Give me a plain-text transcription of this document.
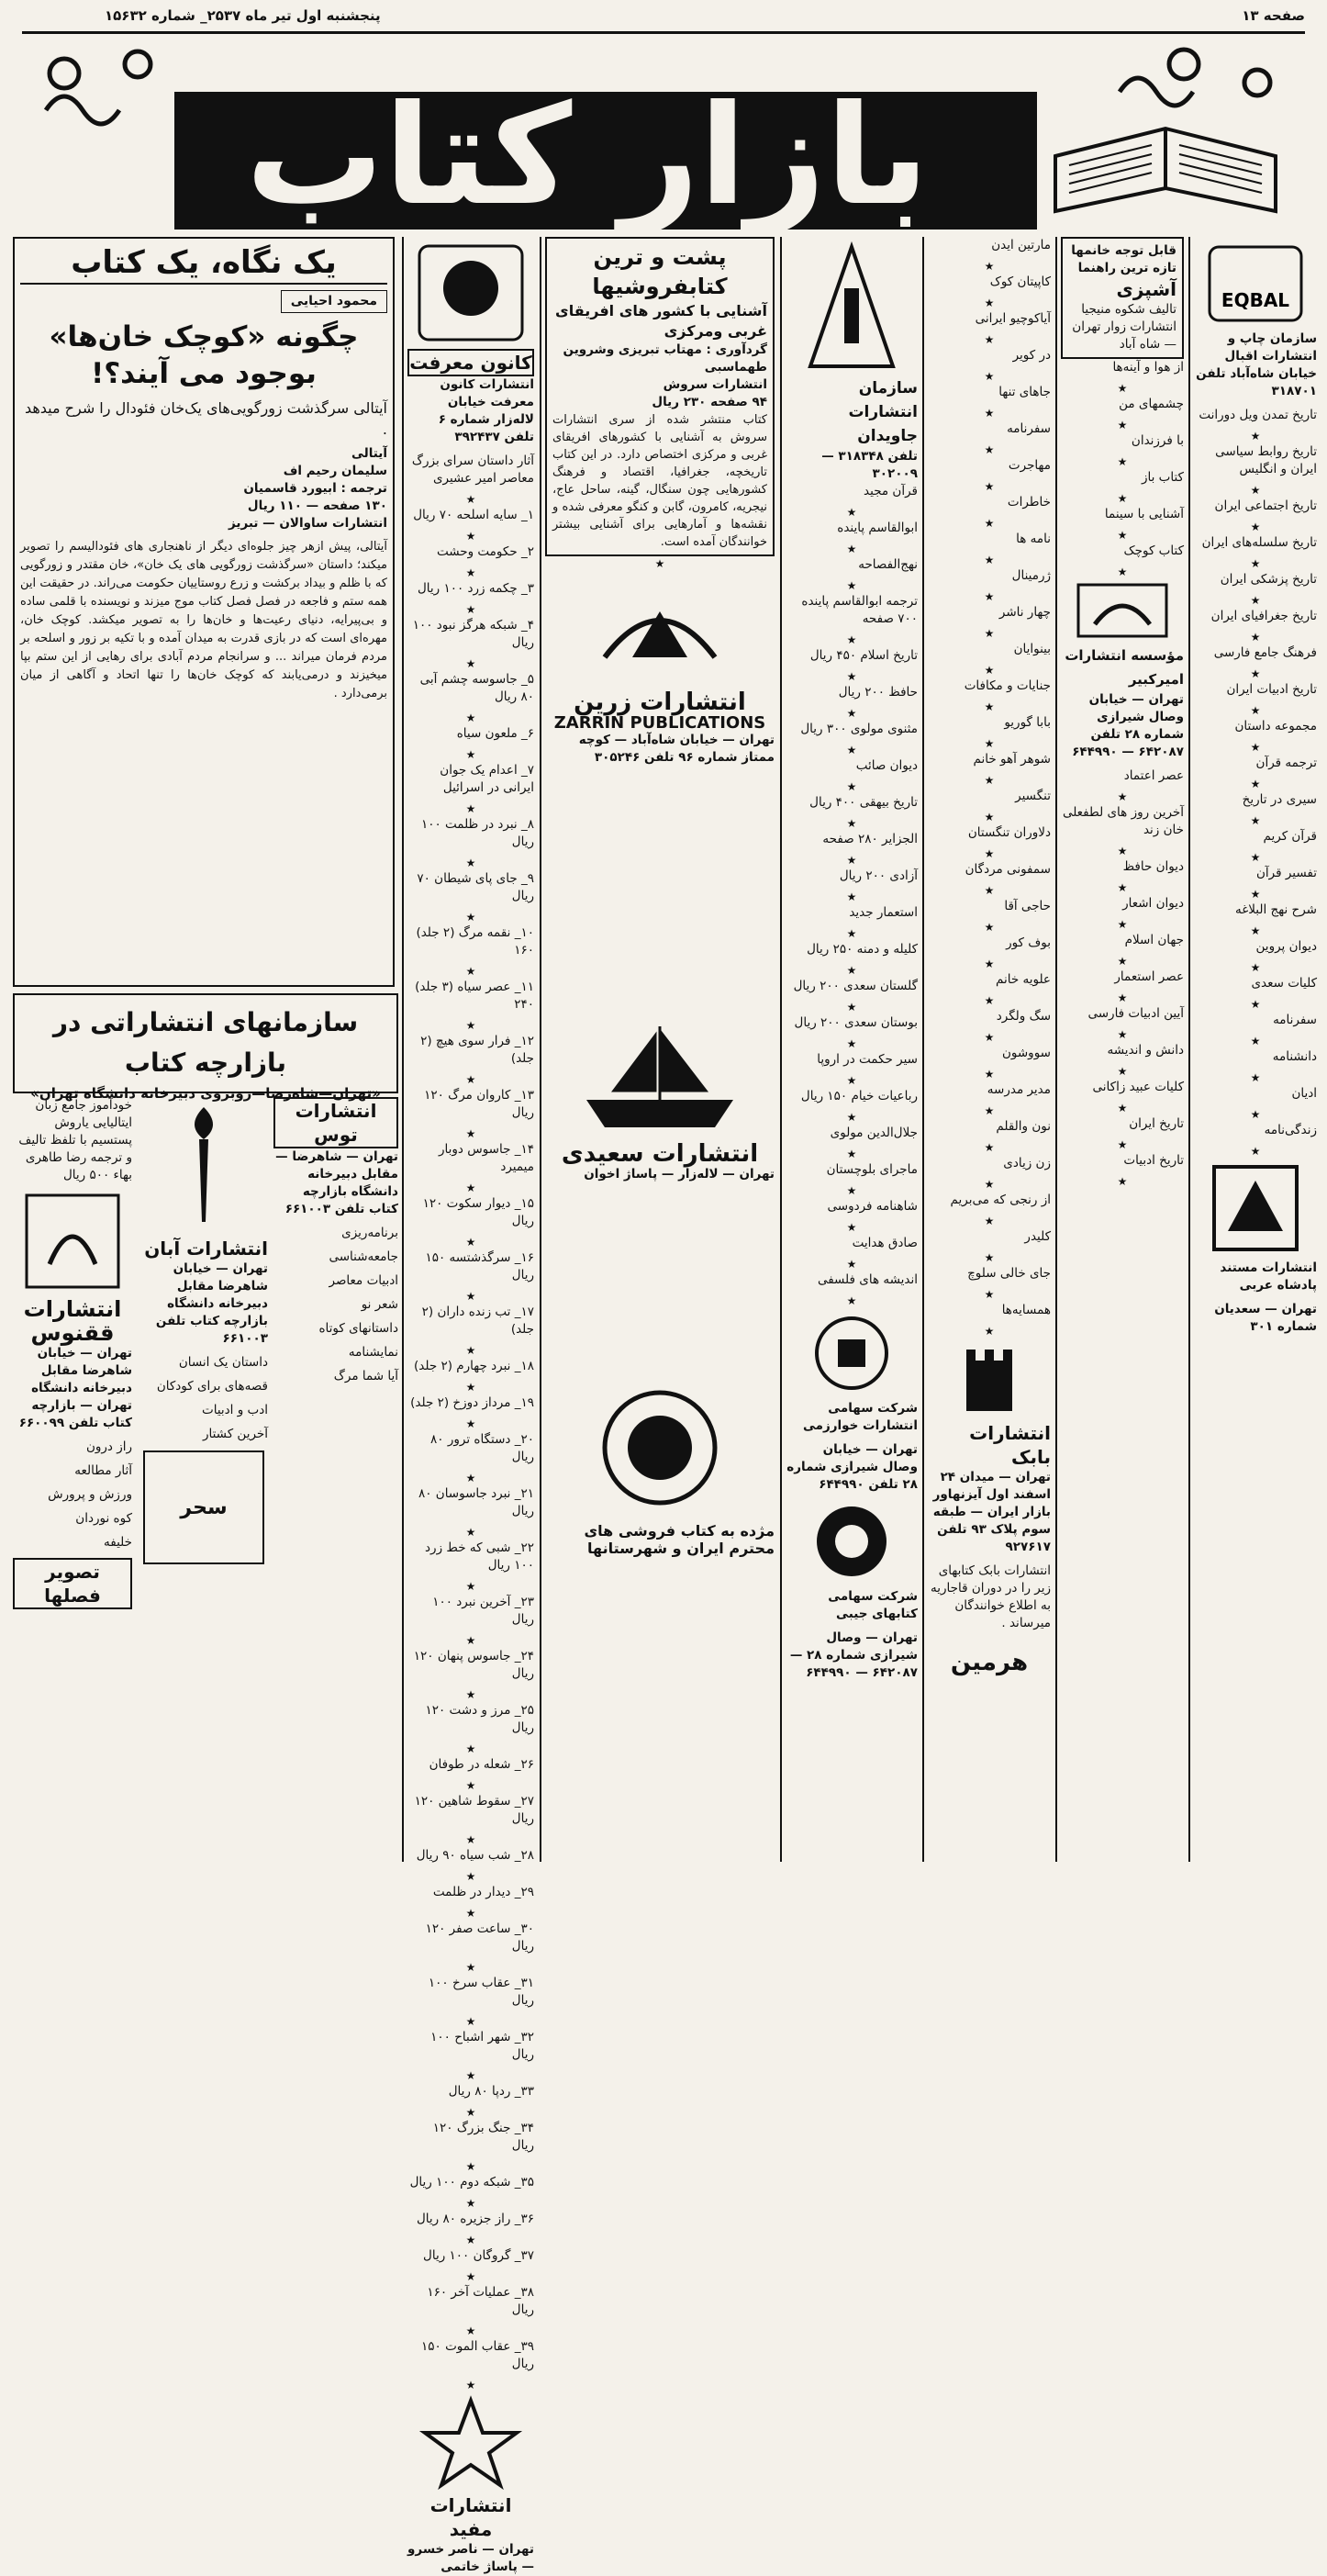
صفحه ۱۳
پنجشنبه اول تیر ماه ۲۵۳۷_ شماره ۱۵۶۳۲
بازار کتاب
یک نگاه، یک کتاب
محمود احیایی
چگونه «کوچک خان‌ها» بوجود می آیند؟!
آیتالی سرگذشت زورگویی‌های یک‌خان فئودال را شرح میدهد .
آیتالی
سلیمان رحیم اف
ترجمه : ابیورد قاسمیان
۱۳۰ صفحه — ۱۱۰ ریال
انتشارات ساوالان — تبریز
آیتالی، پیش ازهر چیز جلوه‌ای دیگر از ناهنجاری های فئودالیسم را تصویر میکند؛ داستان «سرگذشت زورگویی های یک خان»، خان مقتدر و زورگویی که با ظلم و بیداد برکشت و زرع روستاییان حکومت می‌راند. در حقیقت این همه ستم و فاجعه در فصل فصل کتاب موج میزند و نویسنده با قلمی ساده و بی‌پیرایه، دنیای رعیت‌ها و خان‌ها را به تصویر میکشد. کوچک خان، مهره‌ای است که در بازی قدرت به میدان آمده و با تکیه بر زور و اسلحه بر مردم فرمان میراند ... و سرانجام مردم آبادی برای رهایی از این ستم بپا میخیزند و درمی‌یابند که کوچک خان‌ها را تنها اتحاد و آگاهی از میان برمی‌دارد .
سازمانهای انتشاراتی در بازارچه کتاب
«تهران—شاه‌رضا—روبروی دبیرخانه دانشگاه تهران»
خودآموز جامع زبان ایتالیایی یاروش پستسیم با تلفظ تالیف و ترجمه رضا طاهری بهاء ۵۰۰ ریال
انتشارات ققنوس
تهران — خیابان شاهرضا مقابل دبیرخانه دانشگاه تهران — بازارچه کتاب تلفن ۶۶۰۰۹۹
راز درون
آثار مطالعه
ورزش و پرورش
کوه نوردان
خلیفه
تصویر فصلها
انتشارات آبان
تهران — خیابان شاهرضا مقابل دبیرخانه دانشگاه بازارچه کتاب تلفن ۶۶۱۰۰۳
داستان یک انسان
قصه‌های برای کودکان
ادب و ادبیات
آخرین کشتار
سحر
انتشارات توس
تهران — شاهرضا — مقابل دبیرخانه دانشگاه بازارچه کتاب تلفن ۶۶۱۰۰۳
برنامه‌ریزی
جامعه‌شناسی
ادبیات معاصر
شعر نو
داستانهای کوتاه
نمایشنامه
آیا شما مرگ
کانون معرفت
انتشارات کانون معرفت خیابان لاله‌زار شماره ۶ تلفن ۳۹۲۴۳۷
آثار داستان سرای بزرگ معاصر امیر عشیری
★
۱_ سایه اسلحه ۷۰ ریال
★
۲_ حکومت وحشت
★
۳_ چکمه زرد ۱۰۰ ریال
★
۴_ شبکه هرگز نبود ۱۰۰ ریال
★
۵_ جاسوسه چشم آبی ۸۰ ریال
★
۶_ ملعون سیاه
★
۷_ اعدام یک جوان ایرانی در اسرائیل
★
۸_ نبرد در ظلمت ۱۰۰ ریال
★
۹_ جای پای شیطان ۷۰ ریال
★
۱۰_ نقمه مرگ (۲ جلد) ۱۶۰
★
۱۱_ عصر سیاه (۳ جلد) ۲۴۰
★
۱۲_ فرار سوی هیچ (۲ جلد)
★
۱۳_ کاروان مرگ ۱۲۰ ریال
★
۱۴_ جاسوس دوبار میمیرد
★
۱۵_ دیوار سکوت ۱۲۰ ریال
★
۱۶_ سرگذشتسه ۱۵۰ ریال
★
۱۷_ تب زنده داران (۲ جلد)
★
۱۸_ نبرد چهارم (۲ جلد)
★
۱۹_ مرداز دوزخ (۲ جلد)
★
۲۰_ دستگاه ترور ۸۰ ریال
★
۲۱_ نبرد جاسوسان ۸۰ ریال
★
۲۲_ شبی که خط زرد ۱۰۰ ریال
★
۲۳_ آخرین نبرد ۱۰۰ ریال
★
۲۴_ جاسوس پنهان ۱۲۰ ریال
★
۲۵_ مرز و دشت ۱۲۰ ریال
★
۲۶_ شعله در طوفان
★
۲۷_ سقوط شاهین ۱۲۰ ریال
★
۲۸_ شب سیاه ۹۰ ریال
★
۲۹_ دیدار در ظلمت
★
۳۰_ ساعت صفر ۱۲۰ ریال
★
۳۱_ عقاب سرخ ۱۰۰ ریال
★
۳۲_ شهر اشباح ۱۰۰ ریال
★
۳۳_ ردپا ۸۰ ریال
★
۳۴_ جنگ بزرگ ۱۲۰ ریال
★
۳۵_ شبکه دوم ۱۰۰ ریال
★
۳۶_ راز جزیره ۸۰ ریال
★
۳۷_ گروگان ۱۰۰ ریال
★
۳۸_ عملیات آخر ۱۶۰ ریال
★
۳۹_ عقاب الموت ۱۵۰ ریال
★
انتشارات مفید
تهران — ناصر خسرو — پاساژ خاتمی
پشت و ترین کتابفروشیها
آشنایی با کشور های افریقای غربی ومرکزی
گردآوری : مهتاب تبریزی وشروین طهماسبی
انتشارات سروش
۹۴ صفحه ۲۳۰ ریال
کتاب منتشر شده از سری انتشارات سروش به آشنایی با کشورهای افریقای غربی و مرکزی اختصاص دارد. در این کتاب تاریخچه، جغرافیا، اقتصاد و فرهنگ کشورهایی چون سنگال، گینه، ساحل عاج، نیجریه، کامرون، گابن و کنگو معرفی شده و نقشه‌ها و آمارهایی برای آشنایی بیشتر خوانندگان آمده است.
★
انتشارات زرین
ZARRIN PUBLICATIONS
تهران — خیابان شاه‌آباد — کوچه ممتاز شماره ۹۶ تلفن ۳۰۵۲۴۶
انتشارات سعیدی
تهران — لاله‌زار — پاساژ اخوان
مژده به کتاب فروشی های محترم ایران و شهرستانها
سازمان انتشارات جاویدان
تلفن ۳۱۸۳۴۸ — ۳۰۲۰۰۹
قرآن مجید
★
ابوالقاسم پاینده
★
نهج‌الفصاحه
★
ترجمه ابوالقاسم پاینده ۷۰۰ صفحه
★
تاریخ اسلام ۴۵۰ ریال
★
حافظ ۲۰۰ ریال
★
مثنوی مولوی ۳۰۰ ریال
★
دیوان صائب
★
تاریخ بیهقی ۴۰۰ ریال
★
الجزایر ۲۸۰ صفحه
★
آزادی ۲۰۰ ریال
★
استعمار جدید
★
کلیله و دمنه ۲۵۰ ریال
★
گلستان سعدی ۲۰۰ ریال
★
بوستان سعدی ۲۰۰ ریال
★
سیر حکمت در اروپا
★
رباعیات خیام ۱۵۰ ریال
★
جلال‌الدین مولوی
★
ماجرای بلوچستان
★
شاهنامه فردوسی
★
صادق هدایت
★
اندیشه های فلسفی
★
شرکت سهامی انتشارات خوارزمی
تهران — خیابان وصال شیرازی شماره ۲۸ تلفن ۶۴۴۹۹۰
شرکت سهامی کتابهای جیبی
تهران — وصال شیرازی شماره ۲۸ — ۶۴۲۰۸۷ — ۶۴۴۹۹۰
مارتین ایدن
★
کاپیتان کوک
★
آیاکوچیو ایرانی
★
در کویر
★
جاهای تنها
★
سفرنامه
★
مهاجرت
★
خاطرات
★
نامه ها
★
ژرمینال
★
چهار ناشر
★
بینوایان
★
جنایات و مکافات
★
بابا گوریو
★
شوهر آهو خانم
★
تنگسیر
★
دلاوران تنگستان
★
سمفونی مردگان
★
حاجی آقا
★
بوف کور
★
علویه خانم
★
سگ ولگرد
★
سووشون
★
مدیر مدرسه
★
نون والقلم
★
زن زیادی
★
از رنجی که می‌بریم
★
کلیدر
★
جای خالی سلوچ
★
همسایه‌ها
★
انتشارات بابک
تهران — میدان ۲۴ اسفند اول آیزنهاور بازار ایران — طبقه سوم پلاک ۹۳ تلفن ۹۲۷۶۱۷
انتشارات بابک کتابهای زیر را در دوران قاجاریه به اطلاع خوانندگان میرساند .
هرمین
قابل توجه خانمها
تازه ترین راهنما
آشپزی
تالیف شکوه منیجیا
انتشارات زوار تهران — شاه آباد
از هوا و آینه‌ها
★
چشمهای من
★
با فرزندان
★
کتاب باز
★
آشنایی با سینما
★
کتاب کوچک
★
مؤسسه انتشارات امیرکبیر
تهران — خیابان وصال شیرازی شماره ۲۸ تلفن ۶۴۲۰۸۷ — ۶۴۴۹۹۰
عصر اعتماد
★
آخرین روز های لطفعلی خان زند
★
دیوان حافظ
★
دیوان اشعار
★
جهان اسلام
★
عصر استعمار
★
آیین ادبیات فارسی
★
دانش و اندیشه
★
کلیات عبید زاکانی
★
تاریخ ایران
★
تاریخ ادبیات
★
EQBAL
سازمان چاپ و انتشارات اقبال خیابان شاه‌آباد تلفن ۳۱۸۷۰۱
تاریخ تمدن ویل دورانت
★
تاریخ روابط سیاسی ایران و انگلیس
★
تاریخ اجتماعی ایران
★
تاریخ سلسله‌های ایران
★
تاریخ پزشکی ایران
★
تاریخ جغرافیای ایران
★
فرهنگ جامع فارسی
★
تاریخ ادبیات ایران
★
مجموعه داستان
★
ترجمه قرآن
★
سیری در تاریخ
★
قرآن کریم
★
تفسیر قرآن
★
شرح نهج البلاغه
★
دیوان پروین
★
کلیات سعدی
★
سفرنامه
★
دانشنامه
★
ادیان
★
زندگی‌نامه
★
انتشارات مستند پادشاه عربی
تهران — سعدیان شماره ۳۰۱
